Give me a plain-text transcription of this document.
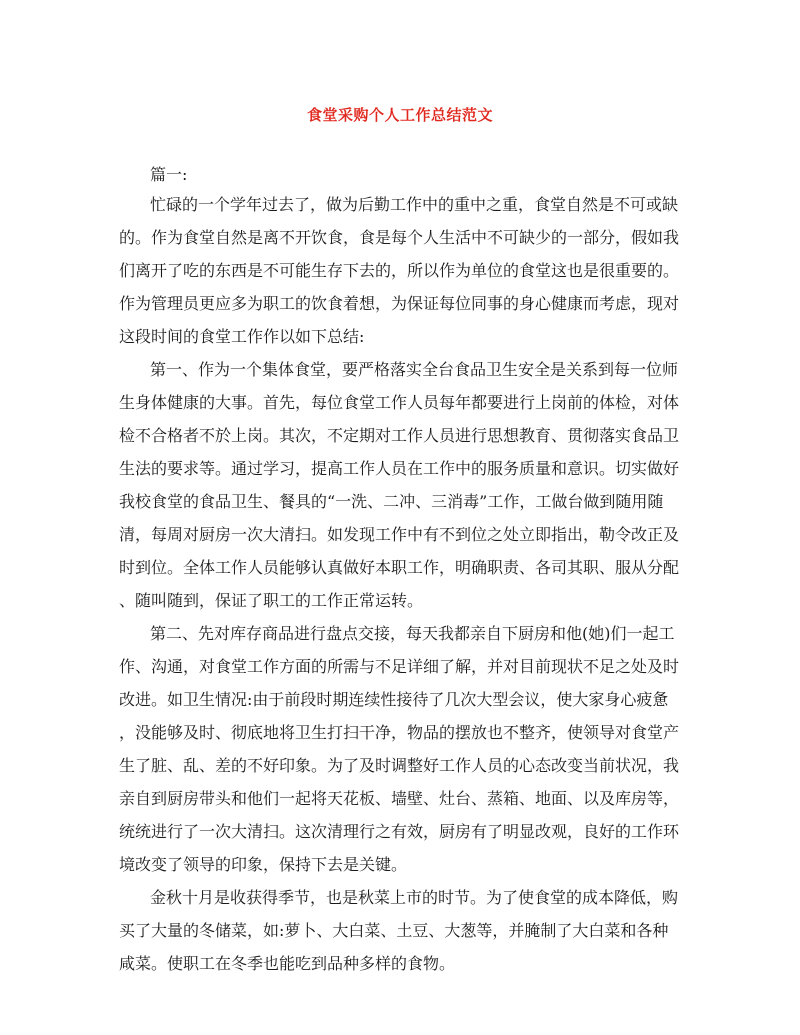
食堂采购个人工作总结范文
篇一:
忙碌的一个学年过去了，做为后勤工作中的重中之重，食堂自然是不可或缺
的。作为食堂自然是离不开饮食，食是每个人生活中不可缺少的一部分，假如我
们离开了吃的东西是不可能生存下去的，所以作为单位的食堂这也是很重要的。
作为管理员更应多为职工的饮食着想，为保证每位同事的身心健康而考虑，现对
这段时间的食堂工作作以如下总结:
第一、作为一个集体食堂，要严格落实全台食品卫生安全是关系到每一位师
生身体健康的大事。首先，每位食堂工作人员每年都要进行上岗前的体检，对体
检不合格者不於上岗。其次，不定期对工作人员进行思想教育、贯彻落实食品卫
生法的要求等。通过学习，提高工作人员在工作中的服务质量和意识。切实做好
我校食堂的食品卫生、餐具的“一洗、二冲、三消毒”工作，工做台做到随用随
清，每周对厨房一次大清扫。如发现工作中有不到位之处立即指出，勒令改正及
时到位。全体工作人员能够认真做好本职工作，明确职责、各司其职、服从分配
、随叫随到，保证了职工的工作正常运转。
第二、先对库存商品进行盘点交接，每天我都亲自下厨房和他(她)们一起工
作、沟通，对食堂工作方面的所需与不足详细了解，并对目前现状不足之处及时
改进。如卫生情况:由于前段时期连续性接待了几次大型会议，使大家身心疲惫
，没能够及时、彻底地将卫生打扫干净，物品的摆放也不整齐，使领导对食堂产
生了脏、乱、差的不好印象。为了及时调整好工作人员的心态改变当前状况，我
亲自到厨房带头和他们一起将天花板、墙壁、灶台、蒸箱、地面、以及库房等，
统统进行了一次大清扫。这次清理行之有效，厨房有了明显改观，良好的工作环
境改变了领导的印象，保持下去是关键。
金秋十月是收获得季节，也是秋菜上市的时节。为了使食堂的成本降低，购
买了大量的冬储菜，如:萝卜、大白菜、土豆、大葱等，并腌制了大白菜和各种
咸菜。使职工在冬季也能吃到品种多样的食物。
